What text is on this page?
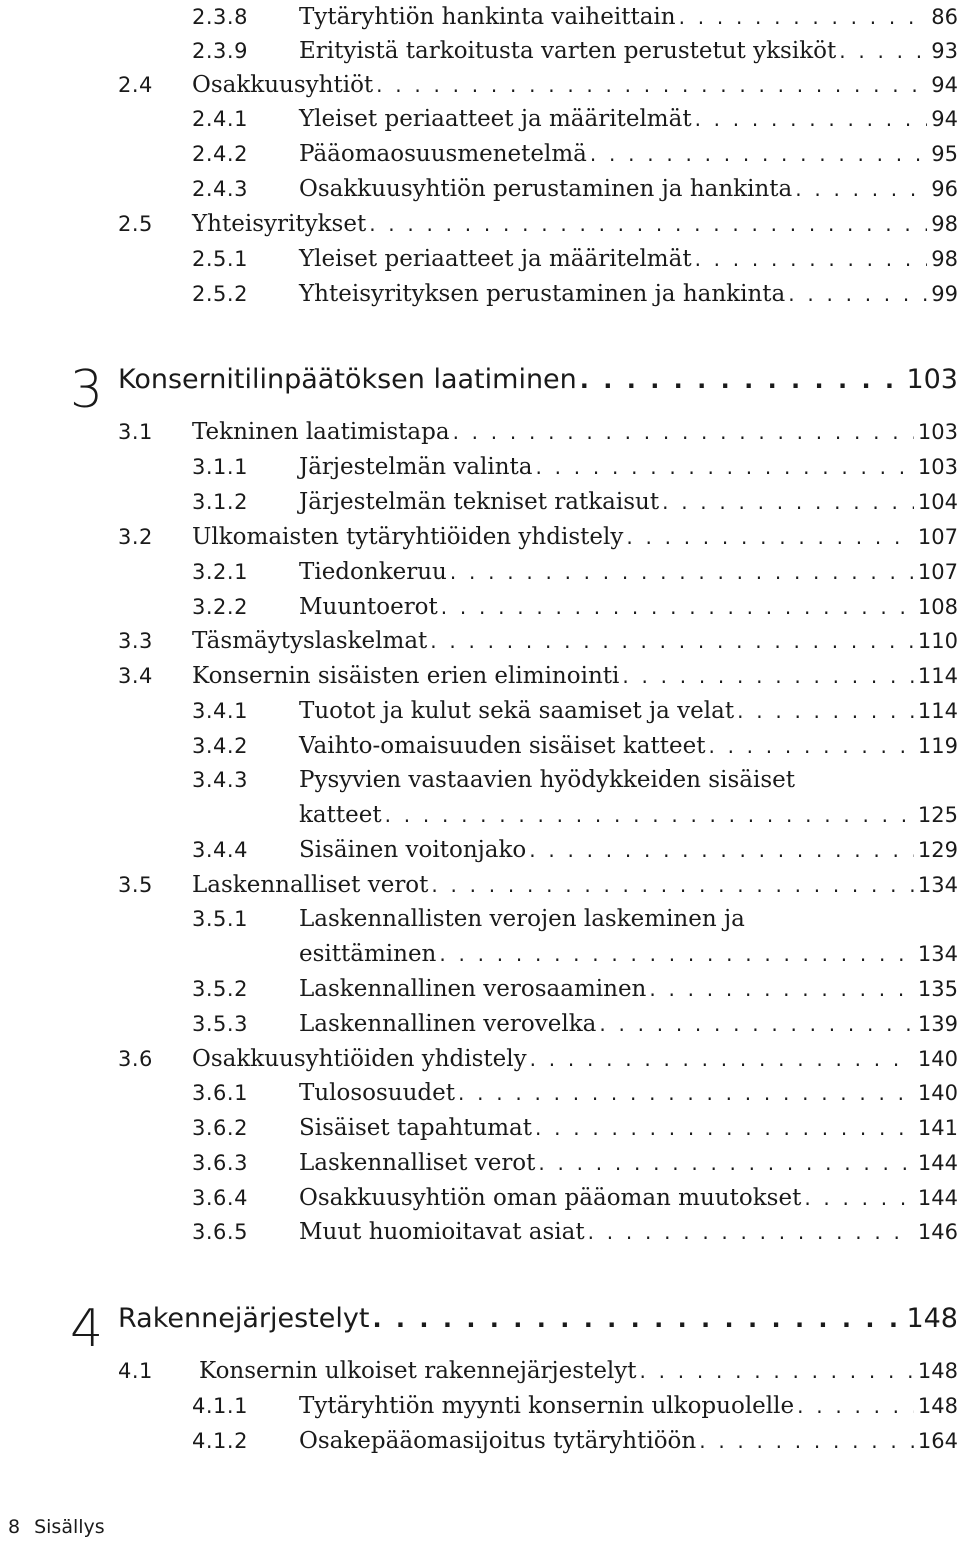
2.3.8 Tytäryhtiön hankinta vaiheittain . . .	86
2.3.9 Erityistä tarkoitusta varten perustetut yksiköt . . .	93
2.4 Osakkuusyhtiöt . . .	94
2.4.1 Yleiset periaatteet ja määritelmät . . .	94
2.4.2 Pääomaosuusmenetelmä . . .	95
2.4.3 Osakkuusyhtiön perustaminen ja hankinta . . .	96
2.5 Yhteisyritykset . . .	98
2.5.1 Yleiset periaatteet ja määritelmät . . .	98
2.5.2 Yhteisyrityksen perustaminen ja hankinta . . .	99
3 Konsernitilinpäätöksen laatiminen . . .	103
3.1 Tekninen laatimistapa . . .	103
3.1.1 Järjestelmän valinta . . .	103
3.1.2 Järjestelmän tekniset ratkaisut . . .	104
3.2 Ulkomaisten tytäryhtiöiden yhdistely . . .	107
3.2.1 Tiedonkeruu . . .	107
3.2.2 Muuntoerot . . .	108
3.3 Täsmäytyslaskelmat . . .	110
3.4 Konsernin sisäisten erien eliminointi . . .	114
3.4.1 Tuotot ja kulut sekä saamiset ja velat . . .	114
3.4.2 Vaihto-omaisuuden sisäiset katteet . . .	119
3.4.3 Pysyvien vastaavien hyödykkeiden sisäiset
katteet . . .	125
3.4.4 Sisäinen voitonjako . . .	129
3.5 Laskennalliset verot . . .	134
3.5.1 Laskennallisten verojen laskeminen ja
esittäminen . . .	134
3.5.2 Laskennallinen verosaaminen . . .	135
3.5.3 Laskennallinen verovelka . . .	139
3.6 Osakkuusyhtiöiden yhdistely . . .	140
3.6.1 Tulososuudet . . .	140
3.6.2 Sisäiset tapahtumat . . .	141
3.6.3 Laskennalliset verot . . .	144
3.6.4 Osakkuusyhtiön oman pääoman muutokset . . .	144
3.6.5 Muut huomioitavat asiat . . .	146
4 Rakennejärjestelyt . . .	148
4.1 Konsernin ulkoiset rakennejärjestelyt . . .	148
4.1.1 Tytäryhtiön myynti konsernin ulkopuolelle . . .	148
4.1.2 Osakepääomasijoitus tytäryhtiöön . . .	164
8 Sisällys
